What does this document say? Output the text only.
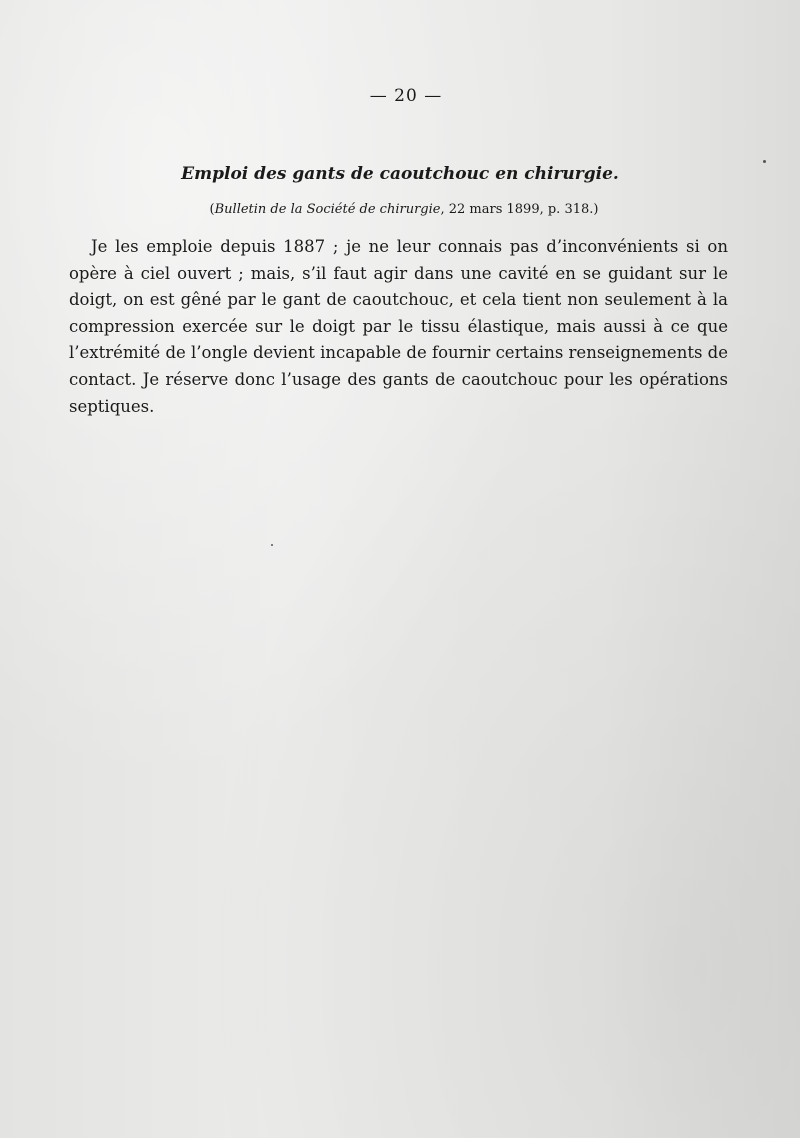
— 20 —
Emploi des gants de caoutchouc en chirurgie.
(Bulletin de la Société de chirurgie, 22 mars 1899, p. 318.)

Je les emploie depuis 1887 ; je ne leur connais pas d’inconvénients si on opère à ciel ouvert ; mais, s’il faut agir dans une cavité en se guidant sur le doigt, on est gêné par le gant de caoutchouc, et cela tient non seulement à la compression exercée sur le doigt par le tissu élastique, mais aussi à ce que l’extrémité de l’ongle devient incapable de fournir certains renseignements de contact. Je réserve donc l’usage des gants de caoutchouc pour les opérations septiques.
